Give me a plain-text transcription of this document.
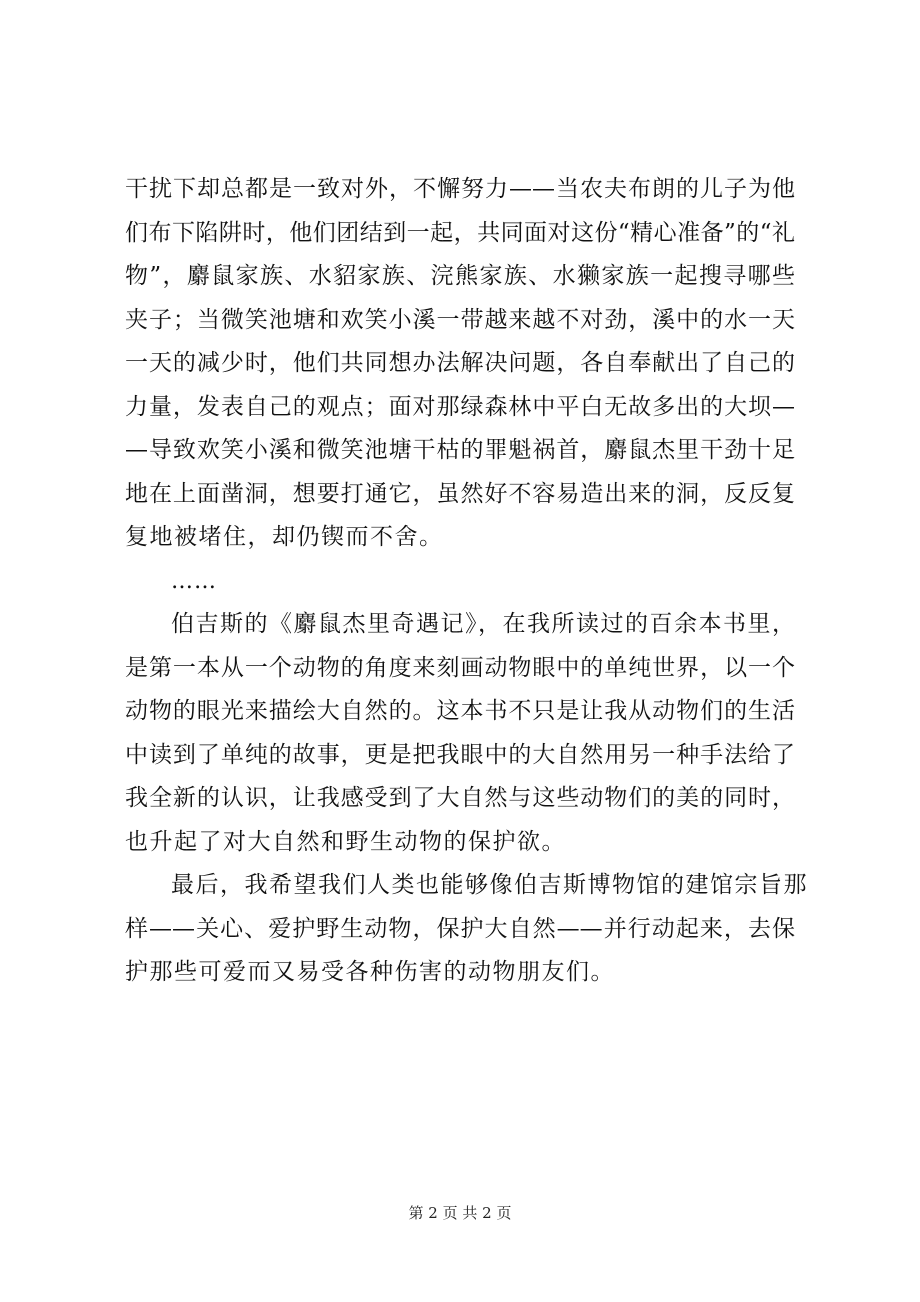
干扰下却总都是一致对外，不懈努力——当农夫布朗的儿子为他
们布下陷阱时，他们团结到一起，共同面对这份“精心准备”的“礼
物”，麝鼠家族、水貂家族、浣熊家族、水獭家族一起搜寻哪些
夹子；当微笑池塘和欢笑小溪一带越来越不对劲，溪中的水一天
一天的减少时，他们共同想办法解决问题，各自奉献出了自己的
力量，发表自己的观点；面对那绿森林中平白无故多出的大坝—
—导致欢笑小溪和微笑池塘干枯的罪魁祸首，麝鼠杰里干劲十足
地在上面凿洞，想要打通它，虽然好不容易造出来的洞，反反复
复地被堵住，却仍锲而不舍。
……
伯吉斯的《麝鼠杰里奇遇记》，在我所读过的百余本书里，
是第一本从一个动物的角度来刻画动物眼中的单纯世界，以一个
动物的眼光来描绘大自然的。这本书不只是让我从动物们的生活
中读到了单纯的故事，更是把我眼中的大自然用另一种手法给了
我全新的认识，让我感受到了大自然与这些动物们的美的同时，
也升起了对大自然和野生动物的保护欲。
最后，我希望我们人类也能够像伯吉斯博物馆的建馆宗旨那
样——关心、爱护野生动物，保护大自然——并行动起来，去保
护那些可爱而又易受各种伤害的动物朋友们。
第 2 页 共 2 页
